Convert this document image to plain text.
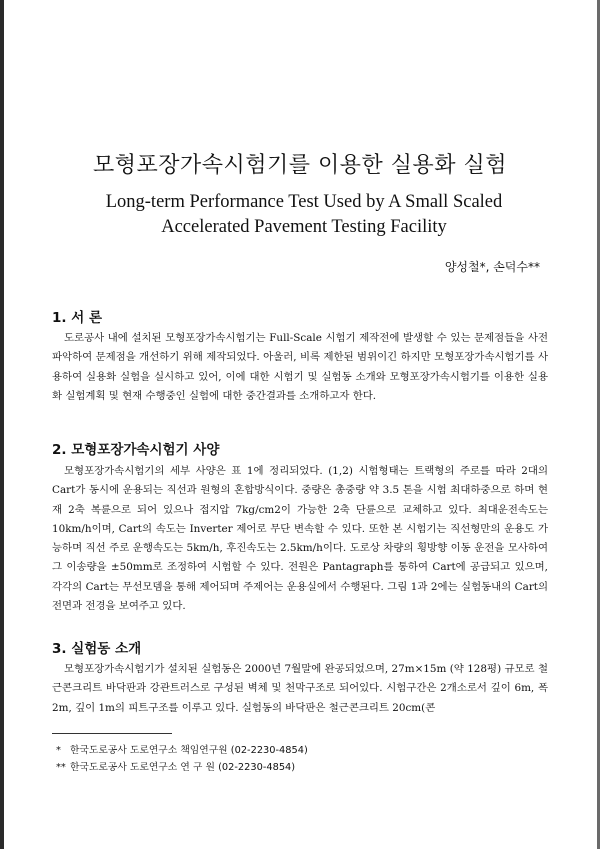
모형포장가속시험기를 이용한 실용화 실험
Long-term Performance Test Used by A Small Scaled Accelerated Pavement Testing Facility
양성철*, 손덕수**
1. 서 론

도로공사 내에 설치된 모형포장가속시험기는 Full-Scale 시험기 제작전에 발생할 수 있는 문제점들을 사전 파악하여 문제점을 개선하기 위해 제작되었다. 아울러, 비록 제한된 범위이긴 하지만 모형포장가속시험기를 사용하여 실용화 실험을 실시하고 있어, 이에 대한 시험기 및 실험동 소개와 모형포장가속시험기를 이용한 실용화 실험계획 및 현재 수행중인 실험에 대한 중간결과를 소개하고자 한다.

2. 모형포장가속시험기 사양

모형포장가속시험기의 세부 사양은 표 1에 정리되었다. (1,2) 시험형태는 트랙형의 주로를 따라 2대의 Cart가 동시에 운용되는 직선과 원형의 혼합방식이다. 중량은 총중량 약 3.5 톤을 시험 최대하중으로 하며 현재 2축 복륜으로 되어 있으나 접지압 7kg/cm2이 가능한 2축 단륜으로 교체하고 있다. 최대운전속도는 10km/h이며, Cart의 속도는 Inverter 제어로 무단 변속할 수 있다. 또한 본 시험기는 직선형만의 운용도 가능하며 직선 주로 운행속도는 5km/h, 후진속도는 2.5km/h이다. 도로상 차량의 횡방향 이동 운전을 모사하여 그 이송량을 ±50mm로 조정하여 시험할 수 있다. 전원은 Pantagraph를 통하여 Cart에 공급되고 있으며, 각각의 Cart는 무선모뎀을 통해 제어되며 주제어는 운용실에서 수행된다. 그림 1과 2에는 실험동내의 Cart의 전면과 전경을 보여주고 있다.

3. 실험동 소개

모형포장가속시험기가 설치된 실험동은 2000년 7월말에 완공되었으며, 27m×15m (약 128평) 규모로 철근콘크리트 바닥판과 강관트러스로 구성된 벽체 및 천막구조로 되어있다. 시험구간은 2개소로서 깊이 6m, 폭 2m, 깊이 1m의 피트구조를 이루고 있다. 실험동의 바닥판은 철근콘크리트 20cm(콘

* 한국도로공사 도로연구소 책임연구원 (02-2230-4854)
** 한국도로공사 도로연구소 연 구 원 (02-2230-4854)
